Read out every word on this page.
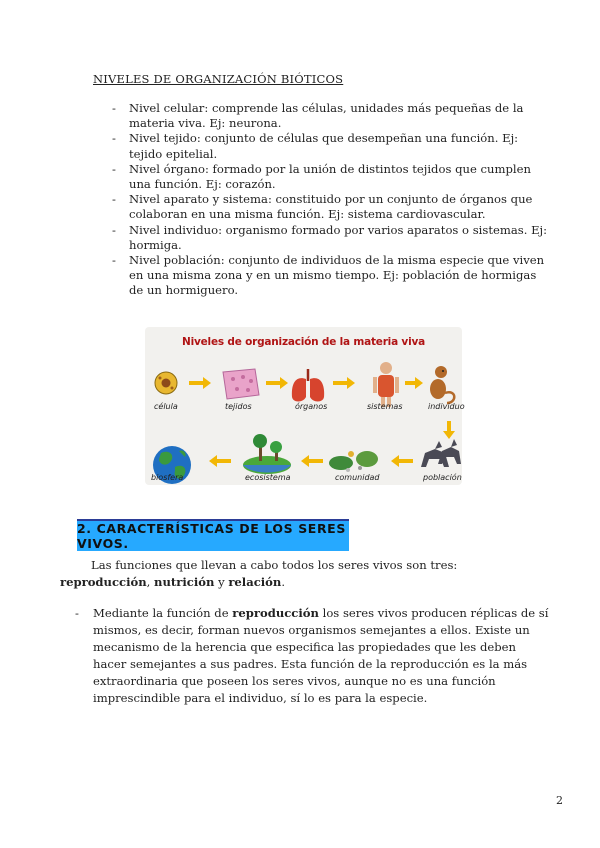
NIVELES DE ORGANIZACIÓN BIÓTICOS
- Nivel celular: comprende las células, unidades más pequeñas de la materia viva. Ej: neurona.
- Nivel tejido: conjunto de células que desempeñan una función. Ej: tejido epitelial.
- Nivel órgano: formado por la unión de distintos tejidos que cumplen una función. Ej: corazón.
- Nivel aparato y sistema: constituido por un conjunto de órganos que colaboran en una misma función. Ej: sistema cardiovascular.
- Nivel individuo: organismo formado por varios aparatos o sistemas. Ej: hormiga.
- Nivel población: conjunto de individuos de la misma especie que viven en una misma zona y en un mismo tiempo. Ej: población de hormigas de un hormiguero.
Niveles de organización de la materia viva
célula	tejidos	órganos	sistemas	individuo
población
comunidad
ecosistema
biosfera
2. CARACTERÍSTICAS DE LOS SERES VIVOS.
Las funciones que llevan a cabo todos los seres vivos son tres:
reproducción, nutrición y relación.
-	Mediante la función de reproducción los seres vivos producen réplicas de sí mismos, es decir, forman nuevos organismos semejantes a ellos. Existe un mecanismo de la herencia que especifica las propiedades que les deben hacer semejantes a sus padres. Esta función de la reproducción es la más extraordinaria que poseen los seres vivos, aunque no es una función imprescindible para el individuo, sí lo es para la especie.
2
